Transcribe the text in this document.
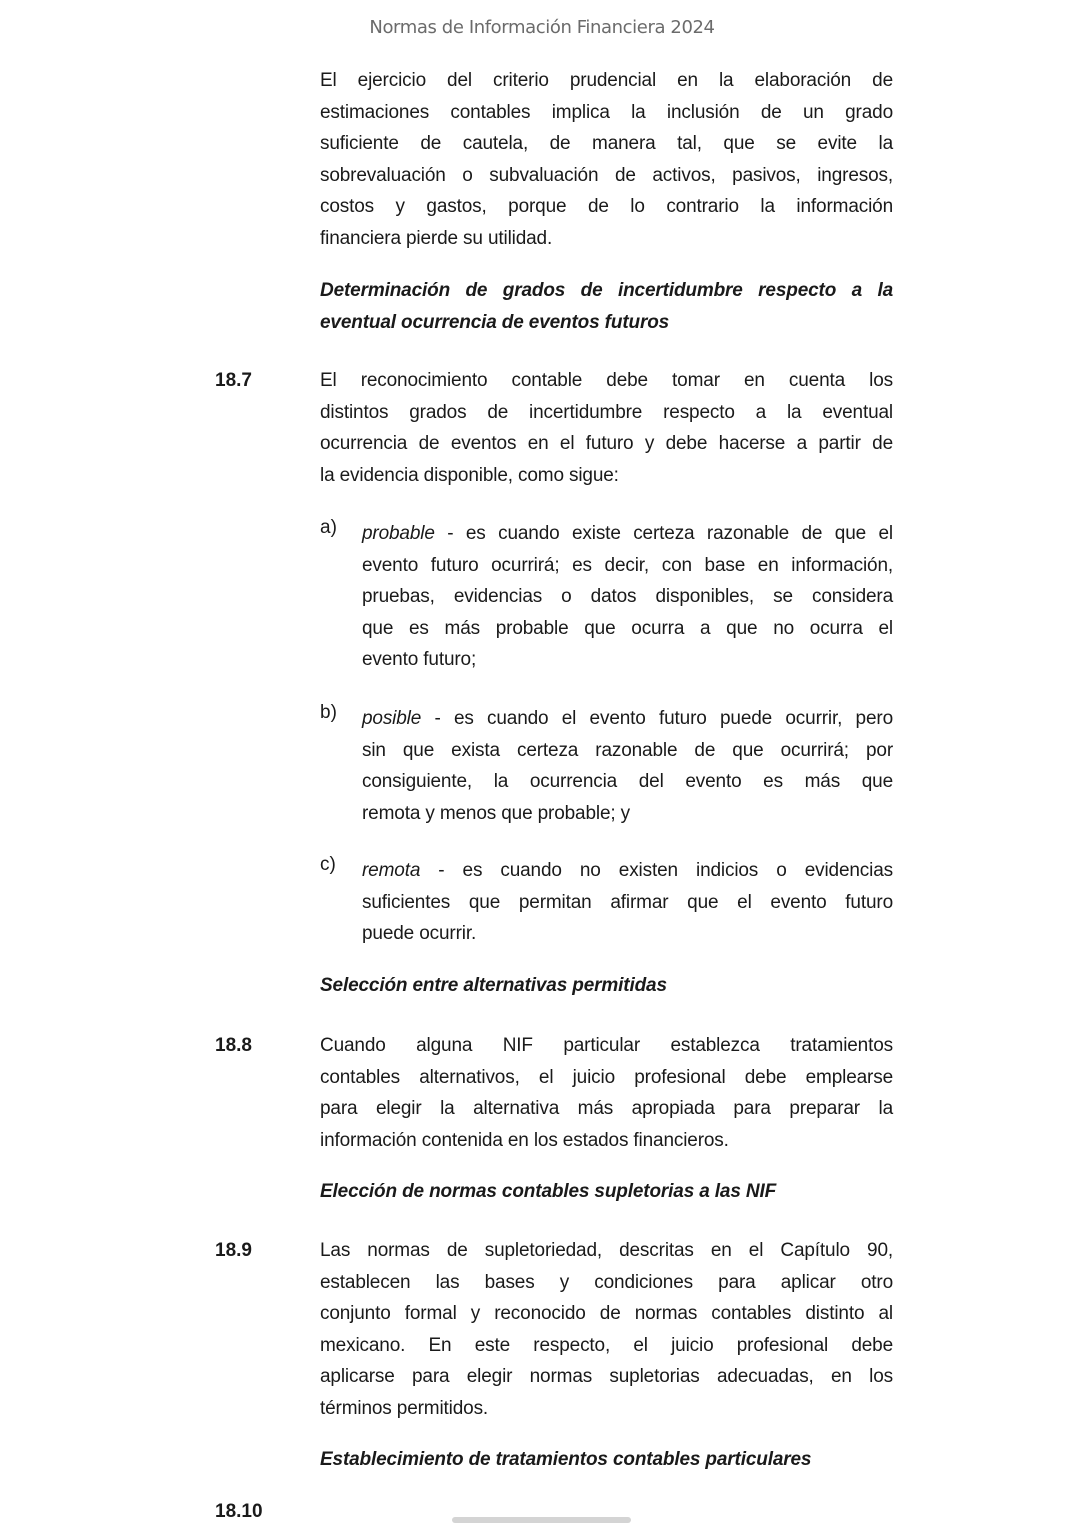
Normas de Información Financiera 2024
El ejercicio del criterio prudencial en la elaboración de
estimaciones contables implica la inclusión de un grado
suficiente de cautela, de manera tal, que se evite la
sobrevaluación o subvaluación de activos, pasivos, ingresos,
costos y gastos, porque de lo contrario la información
financiera pierde su utilidad.
Determinación de grados de incertidumbre respecto a la
eventual ocurrencia de eventos futuros
18.7	El reconocimiento contable debe tomar en cuenta los
distintos grados de incertidumbre respecto a la eventual
ocurrencia de eventos en el futuro y debe hacerse a partir de
la evidencia disponible, como sigue:
a) probable - es cuando existe certeza razonable de que el
evento futuro ocurrirá; es decir, con base en información,
pruebas, evidencias o datos disponibles, se considera
que es más probable que ocurra a que no ocurra el
evento futuro;
b) posible - es cuando el evento futuro puede ocurrir, pero
sin que exista certeza razonable de que ocurrirá; por
consiguiente, la ocurrencia del evento es más que
remota y menos que probable; y
c) remota - es cuando no existen indicios o evidencias
suficientes que permitan afirmar que el evento futuro
puede ocurrir.
Selección entre alternativas permitidas
18.8	Cuando alguna NIF particular establezca tratamientos
contables alternativos, el juicio profesional debe emplearse
para elegir la alternativa más apropiada para preparar la
información contenida en los estados financieros.
Elección de normas contables supletorias a las NIF
18.9	Las normas de supletoriedad, descritas en el Capítulo 90,
establecen las bases y condiciones para aplicar otro
conjunto formal y reconocido de normas contables distinto al
mexicano. En este respecto, el juicio profesional debe
aplicarse para elegir normas supletorias adecuadas, en los
términos permitidos.
Establecimiento de tratamientos contables particulares
18.10
